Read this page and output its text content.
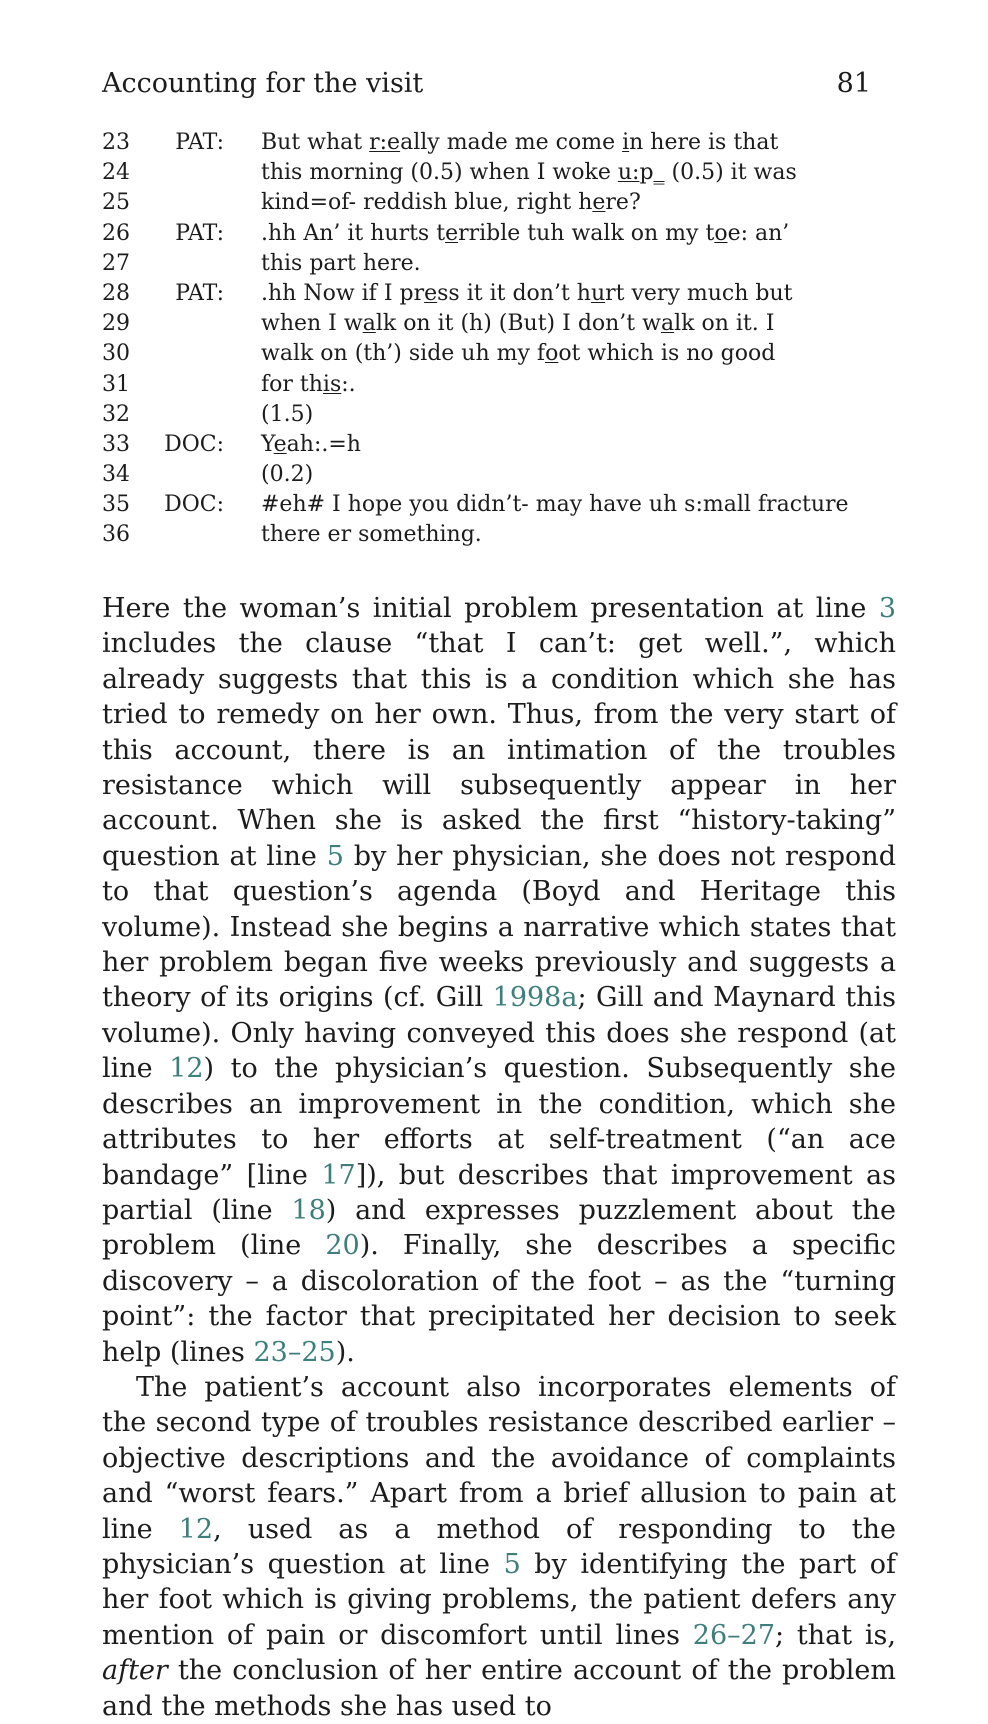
Accounting for the visit	81
23	PAT: But what r:eally made me come in here is that
24	this morning (0.5) when I woke u:p_ (0.5) it was
25	kind=of- reddish blue, right here?
26	PAT: .hh An’ it hurts terrible tuh walk on my toe: an’
27	this part here.
28	PAT: .hh Now if I press it it don’t hurt very much but
29	when I walk on it (h) (But) I don’t walk on it. I
30	walk on (th’) side uh my foot which is no good
31	for this:.
32	(1.5)
33	DOC: Yeah:.=h
34	(0.2)
35	DOC: #eh# I hope you didn’t- may have uh s:mall fracture
36	there er something.

Here the woman’s initial problem presentation at line 3 includes the clause “that I can’t: get well.”, which already suggests that this is a condition which she has tried to remedy on her own. Thus, from the very start of this account, there is an intimation of the troubles resistance which will subsequently appear in her account. When she is asked the first “history-taking” question at line 5 by her physician, she does not respond to that question’s agenda (Boyd and Heritage this volume). Instead she begins a narrative which states that her problem began five weeks previously and suggests a theory of its origins (cf. Gill 1998a; Gill and Maynard this volume). Only having conveyed this does she respond (at line 12) to the physician’s question. Subsequently she describes an improvement in the condition, which she attributes to her efforts at self-treatment (“an ace bandage” [line 17]), but describes that improvement as partial (line 18) and expresses puzzlement about the problem (line 20). Finally, she describes a specific discovery – a discoloration of the foot – as the “turning point”: the factor that precipitated her decision to seek help (lines 23–25).

The patient’s account also incorporates elements of the second type of troubles resistance described earlier – objective descriptions and the avoidance of complaints and “worst fears.” Apart from a brief allusion to pain at line 12, used as a method of responding to the physician’s question at line 5 by identifying the part of her foot which is giving problems, the patient defers any mention of pain or discomfort until lines 26–27; that is, after the conclusion of her entire account of the problem and the methods she has used to
